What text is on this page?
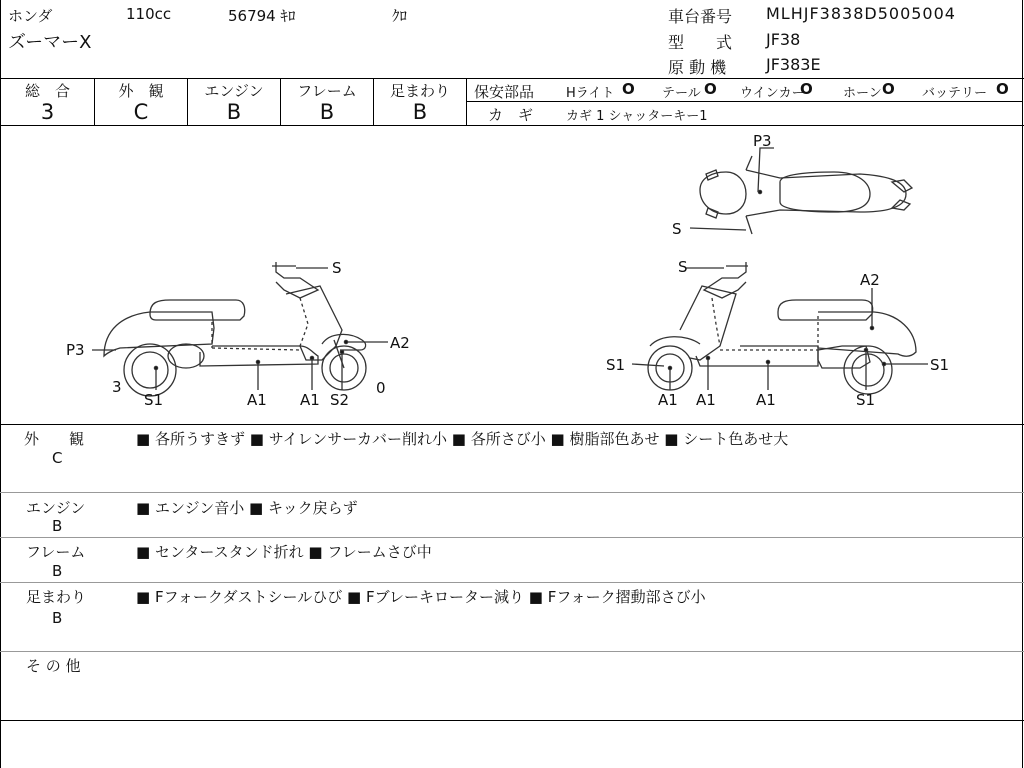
ホンダ	110cc	56794 ｷﾛ	ｸﾛ
ズーマーX
車台番号 MLHJF3838D5005004
型　　式 JF38
原 動 機 JF383E
総　合	外　観	エンジン	フレーム	足まわり
3	C	B	B	B
保安部品 Hライト O テール O ウインカー
O ホーン O バッテリー O
カ　ギ	カギ 1 シャッターキー1
S
P3	A2
3	0
S1	A1 A1 S2
P3
S
S
A2
S1	S1
A1 A1	A1	S1
外　　観
C
■ 各所うすきず ■ サイレンサーカバー削れ小 ■ 各所さび小 ■ 樹脂部色あせ ■ シート色あせ大
エンジン
B
■ エンジン音小 ■ キック戻らず
フレーム
B
■ センタースタンド折れ ■ フレームさび中
足まわり
B
■ Fフォークダストシールひび ■ Fブレーキローター減り ■ Fフォーク摺動部さび小
そ の 他
